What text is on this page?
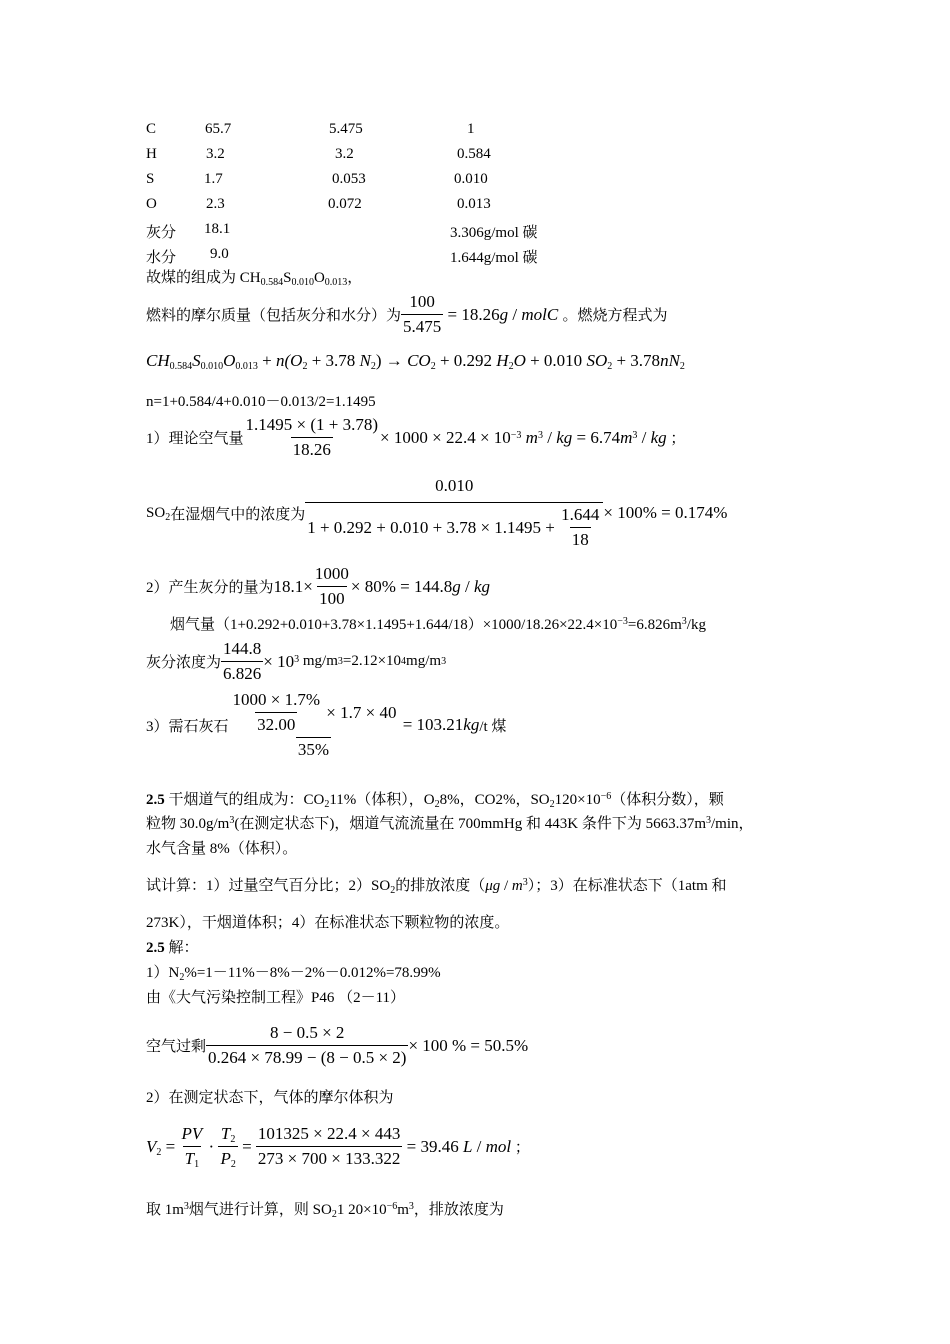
C	65.7	5.475	1
H	3.2	3.2	0.584
S	1.7	0.053	0.010
O	2.3	0.072	0.013
灰分 18.1	3.306g/mol 碳
水分 9.0	1.644g/mol 碳
故煤的组成为 $CH_{0.584}S_{0.010}O_{0.013}$，
燃料的摩尔质量（包括灰分和水分）为 $\frac{100}{5.475} = 18.26g$ / molC 。燃烧方程式为
$CH_{0.584}S_{0.010}O_{0.013} + n(O_2 + 3.78$ $N_2) \to CO_2 + 0.292$ $H_2O + 0.010$ $SO_2 + 3.78nN_2$
n=1+0.584/4+0.010－0.013/2=1.1495
1）理论空气量 $\frac{1.1495 \times (1 + 3.78)}{18.26} \times 1000 \times 22.4 \times 10^{-3}$ $m^3$ / kg = $6.74m^3$ / kg ；
$SO_2$ 在湿烟气中的浓度为 $\frac{0.010}{1 + 0.292 + 0.010 + 3.78 \times 1.1495 + \frac{1.644}{18}} \times 100\% = 0.174\%$
2）产生灰分的量为 $18.1\times \frac{1000}{100} \times 80\% = 144.8g$ / kg
烟气量$(1+0.292+0.010+3.78\times 1.1495+1.644/18)\times 1000/18.26\times 22.4\times 10^{-3}=6.826m^3/kg$
灰分浓度为 $\frac{144.8}{6.826} \times 10^3$
mg/m 3 =2.12×10 4 mg/m 3
3）需石灰石 $\frac{\frac{1000 \times 1.7\%}{32.00} \times 1.7 \times 40}{35\%} = 103.21kg$ /t 煤
2.5 干烟道气的组成为：$CO_211\%$（体积），$O_28\%$，CO2%，$SO_2120\times 10^{-6}$（体积分数），颗
粒物 $30.0g/m^3$(在测定状态下)，烟道气流流量在 700mmHg 和 443K 条件下为 $5663.37m^3/\min$，
水气含量 8%（体积）。
试计算：1）过量空气百分比；$2)SO_2$的排放浓度$(\mu g / m^3)$；3）在标准状态下（1atm 和
273K），干烟道体积；4）在标准状态下颗粒物的浓度。
2.5 解：
$1)N_2\%=1-11\%-8\%-2\%-0.012\%=78.99\%$
由《大气污染控制工程》P46 （2－11）
空气过剩 $\frac{8 - 0.5 \times 2}{0.264 \times 78.99 - (8 - 0.5 \times 2)} \times 100$ % = 50.5%
2）在测定状态下，气体的摩尔体积为
$V_2 = \frac{PV}{T_1} \cdot \frac{T_2}{P_2} = \frac{101325 \times 22.4 \times 443}{273 \times 700 \times 133.322} = 39.46$ L / mol ；
取 $1m^3$烟气进行计算，则 $SO_21$ $20\times 10^{-6}m^3$，排放浓度为
